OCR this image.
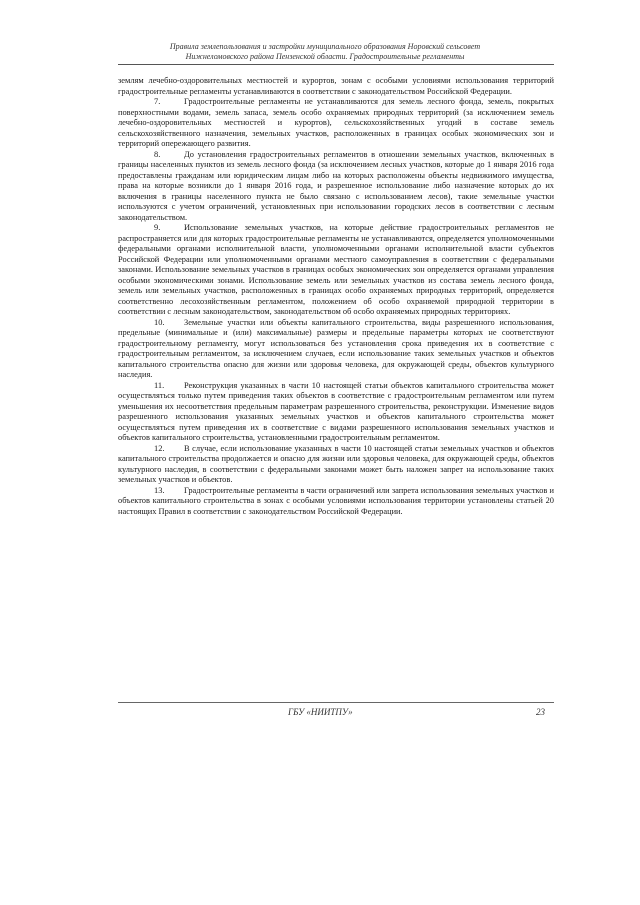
Правила землепользования и застройки муниципального образования Норовский сельсовет
Нижнеломовского района Пензенской области. Градостроительные регламенты

землям лечебно-оздоровительных местностей и курортов, зонам с особыми условиями использования территорий градостроительные регламенты устанавливаются в соответствии с законодательством Российской Федерации.

7.	Градостроительные регламенты не устанавливаются для земель лесного фонда, земель, покрытых поверхностными водами, земель запаса, земель особо охраняемых природных территорий (за исключением земель лечебно-оздоровительных местностей и курортов), сельскохозяйственных угодий в составе земель сельскохозяйственного назначения, земельных участков, расположенных в границах особых экономических зон и территорий опережающего развития.

8.	До установления градостроительных регламентов в отношении земельных участков, включенных в границы населенных пунктов из земель лесного фонда (за исключением лесных участков, которые до 1 января 2016 года предоставлены гражданам или юридическим лицам либо на которых расположены объекты недвижимого имущества, права на которые возникли до 1 января 2016 года, и разрешенное использование либо назначение которых до их включения в границы населенного пункта не было связано с использованием лесов), такие земельные участки используются с учетом ограничений, установленных при использовании городских лесов в соответствии с лесным законодательством.

9.	Использование земельных участков, на которые действие градостроительных регламентов не распространяется или для которых градостроительные регламенты не устанавливаются, определяется уполномоченными федеральными органами исполнительной власти, уполномоченными органами исполнительной власти субъектов Российской Федерации или уполномоченными органами местного самоуправления в соответствии с федеральными законами. Использование земельных участков в границах особых экономических зон определяется органами управления особыми экономическими зонами. Использование земель или земельных участков из состава земель лесного фонда, земель или земельных участков, расположенных в границах особо охраняемых природных территорий, определяется соответственно лесохозяйственным регламентом, положением об особо охраняемой природной территории в соответствии с лесным законодательством, законодательством об особо охраняемых природных территориях.

10. Земельные участки или объекты капитального строительства, виды разрешенного использования, предельные (минимальные и (или) максимальные) размеры и предельные параметры которых не соответствуют градостроительному регламенту, могут использоваться без установления срока приведения их в соответствие с градостроительным регламентом, за исключением случаев, если использование таких земельных участков и объектов капитального строительства опасно для жизни или здоровья человека, для окружающей среды, объектов культурного наследия.

11. Реконструкция указанных в части 10 настоящей статьи объектов капитального строительства может осуществляться только путем приведения таких объектов в соответствие с градостроительным регламентом или путем уменьшения их несоответствия предельным параметрам разрешенного строительства, реконструкции. Изменение видов разрешенного использования указанных земельных участков и объектов капитального строительства может осуществляться путем приведения их в соответствие с видами разрешенного использования земельных участков и объектов капитального строительства, установленными градостроительным регламентом.

12. В случае, если использование указанных в части 10 настоящей статьи земельных участков и объектов капитального строительства продолжается и опасно для жизни или здоровья человека, для окружающей среды, объектов культурного наследия, в соответствии с федеральными законами может быть наложен запрет на использование таких земельных участков и объектов.

13. Градостроительные регламенты в части ограничений или запрета использования земельных участков и объектов капитального строительства в зонах с особыми условиями использования территории установлены статьей 20 настоящих Правил в соответствии с законодательством Российской Федерации.

ГБУ «НИИТПУ»	23
